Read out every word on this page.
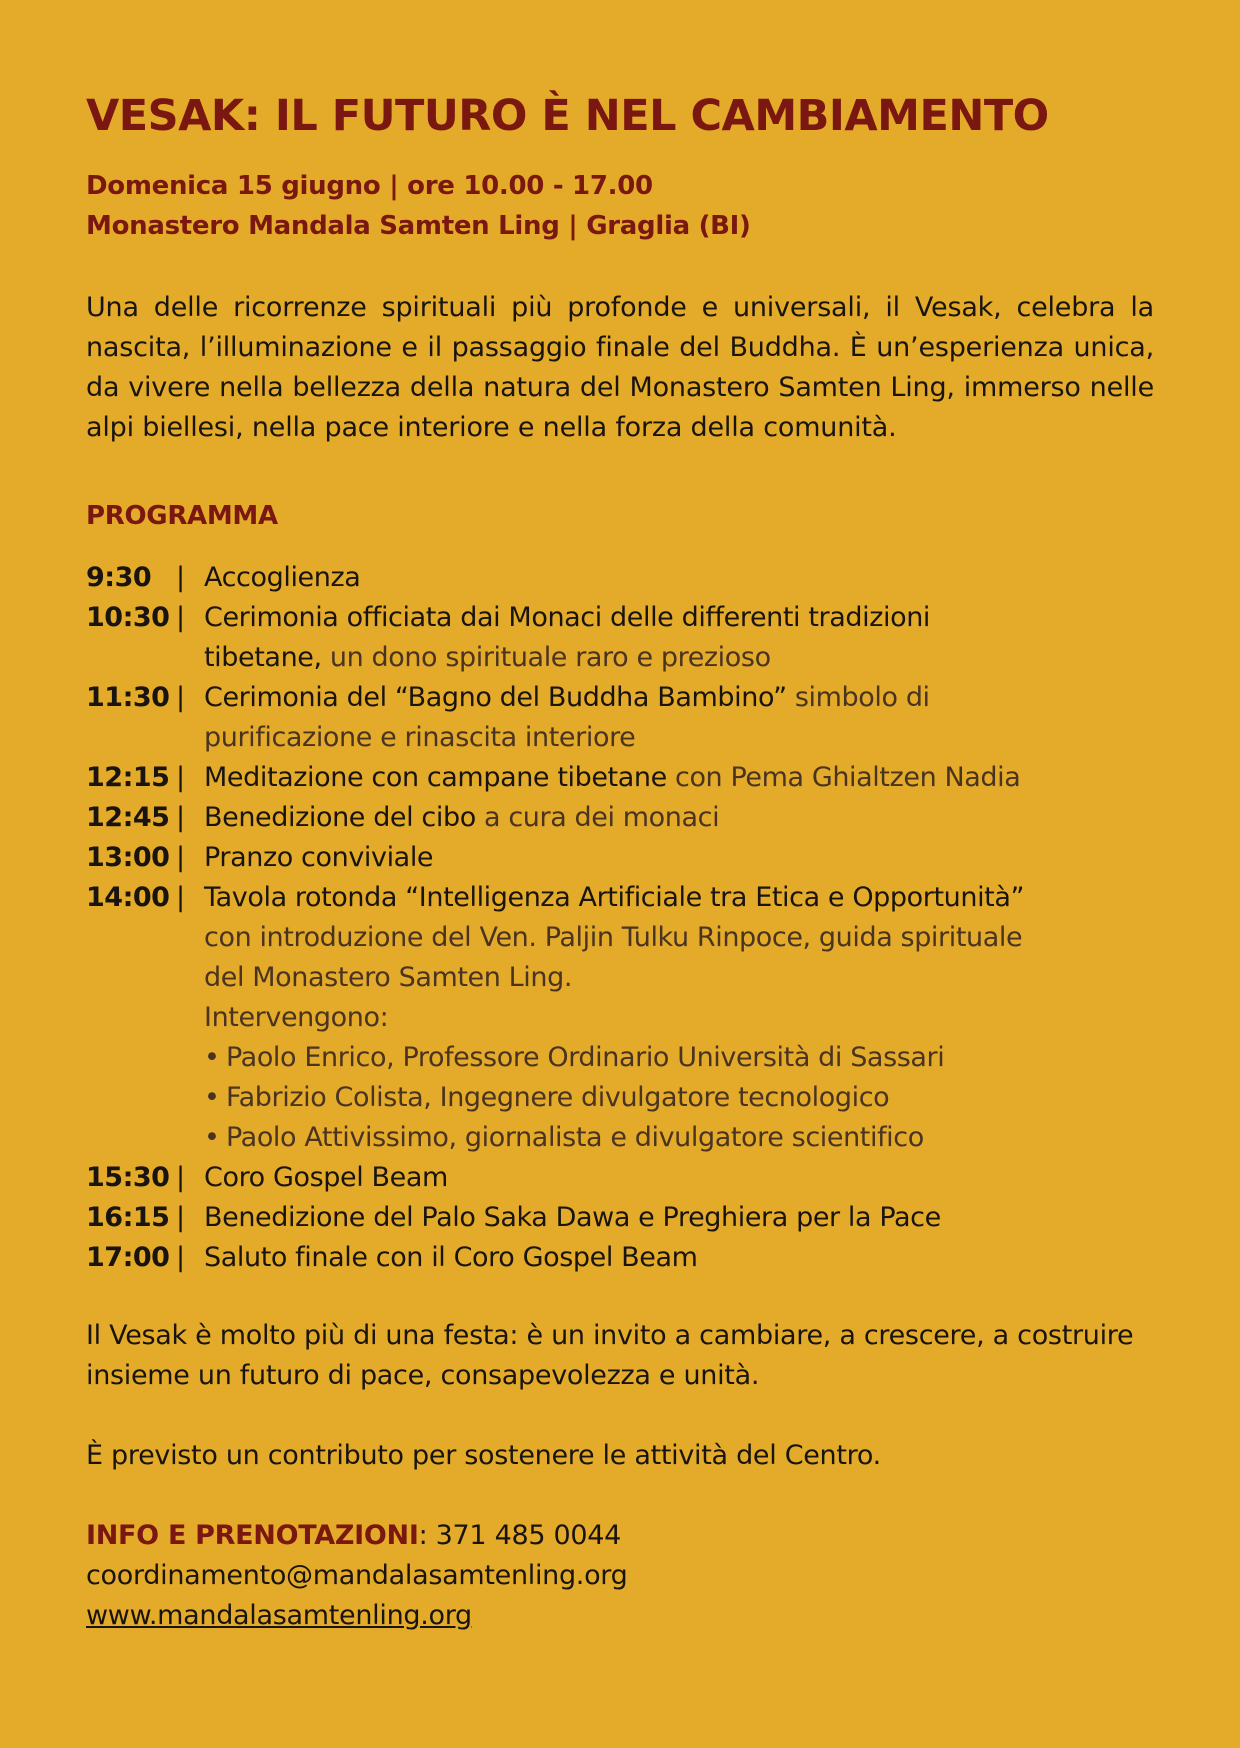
VESAK: IL FUTURO È NEL CAMBIAMENTO
Domenica 15 giugno | ore 10.00 - 17.00
Monastero Mandala Samten Ling | Graglia (BI)
Una delle ricorrenze spirituali più profonde e universali, il Vesak, celebra la nascita, l’illuminazione e il passaggio finale del Buddha. È un’esperienza unica, da vivere nella bellezza della natura del Monastero Samten Ling, immerso nelle alpi biellesi, nella pace interiore e nella forza della comunità.
PROGRAMMA
9:30 | Accoglienza
10:30 | Cerimonia officiata dai Monaci delle differenti tradizioni
tibetane, un dono spirituale raro e prezioso
11:30 | Cerimonia del “Bagno del Buddha Bambino” simbolo di
purificazione e rinascita interiore
12:15 | Meditazione con campane tibetane con Pema Ghialtzen Nadia
12:45 | Benedizione del cibo a cura dei monaci
13:00 | Pranzo conviviale
14:00 | Tavola rotonda “Intelligenza Artificiale tra Etica e Opportunità”
con introduzione del Ven. Paljin Tulku Rinpoce, guida spirituale
del Monastero Samten Ling.
Intervengono:
• Paolo Enrico, Professore Ordinario Università di Sassari
• Fabrizio Colista, Ingegnere divulgatore tecnologico
• Paolo Attivissimo, giornalista e divulgatore scientifico
15:30 | Coro Gospel Beam
16:15 | Benedizione del Palo Saka Dawa e Preghiera per la Pace
17:00 | Saluto finale con il Coro Gospel Beam
Il Vesak è molto più di una festa: è un invito a cambiare, a crescere, a costruire insieme un futuro di pace, consapevolezza e unità.
È previsto un contributo per sostenere le attività del Centro.
INFO E PRENOTAZIONI: 371 485 0044
coordinamento@mandalasamtenling.org
www.mandalasamtenling.org
